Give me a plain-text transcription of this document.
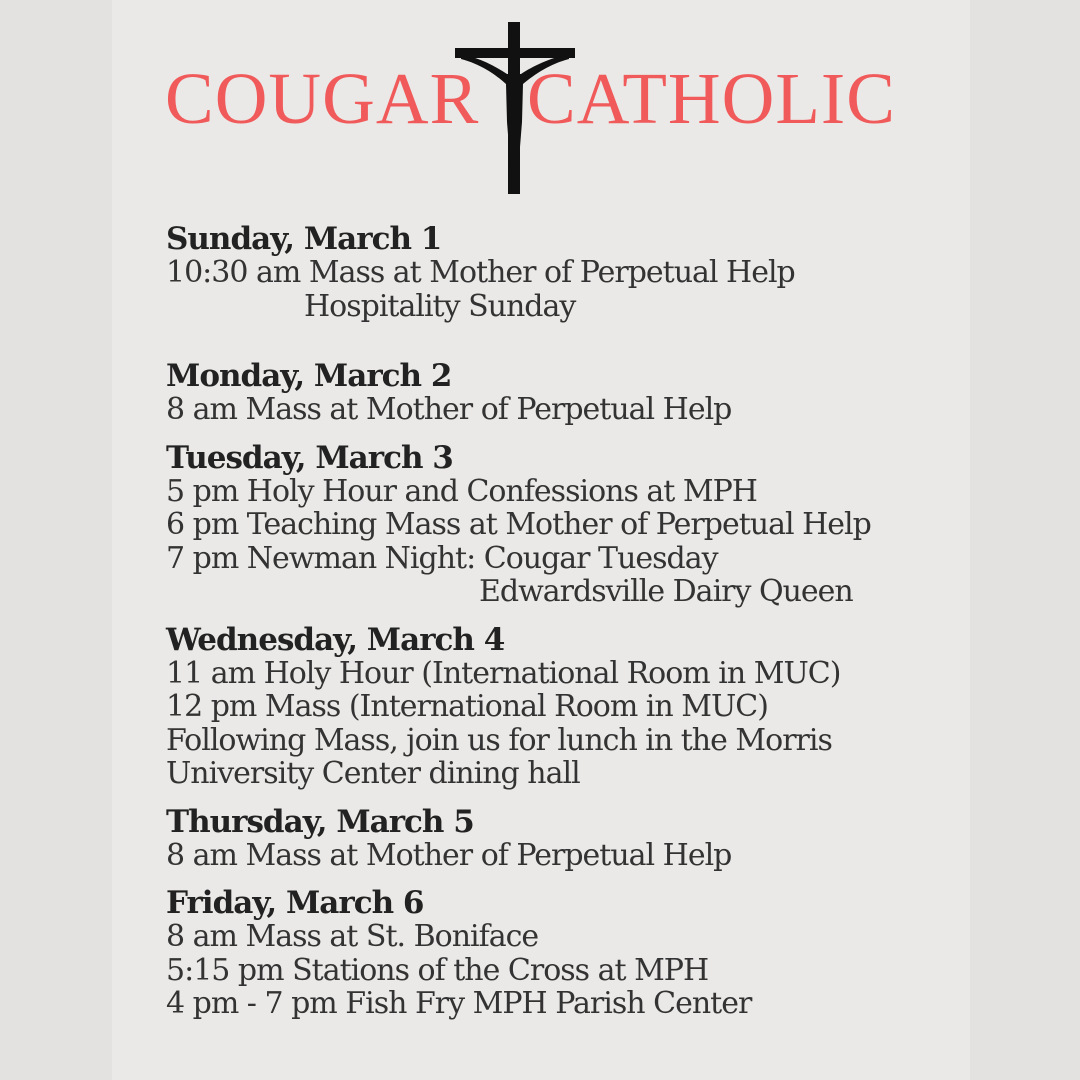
COUGAR CATHOLIC
Sunday, March 1
10:30 am Mass at Mother of Perpetual Help
Hospitality Sunday
Monday, March 2
8 am Mass at Mother of Perpetual Help
Tuesday, March 3
5 pm Holy Hour and Confessions at MPH
6 pm Teaching Mass at Mother of Perpetual Help
7 pm Newman Night: Cougar Tuesday
Edwardsville Dairy Queen
Wednesday, March 4
11 am Holy Hour (International Room in MUC)
12 pm Mass (International Room in MUC)
Following Mass, join us for lunch in the Morris
University Center dining hall
Thursday, March 5
8 am Mass at Mother of Perpetual Help
Friday, March 6
8 am Mass at St. Boniface
5:15 pm Stations of the Cross at MPH
4 pm - 7 pm Fish Fry MPH Parish Center
